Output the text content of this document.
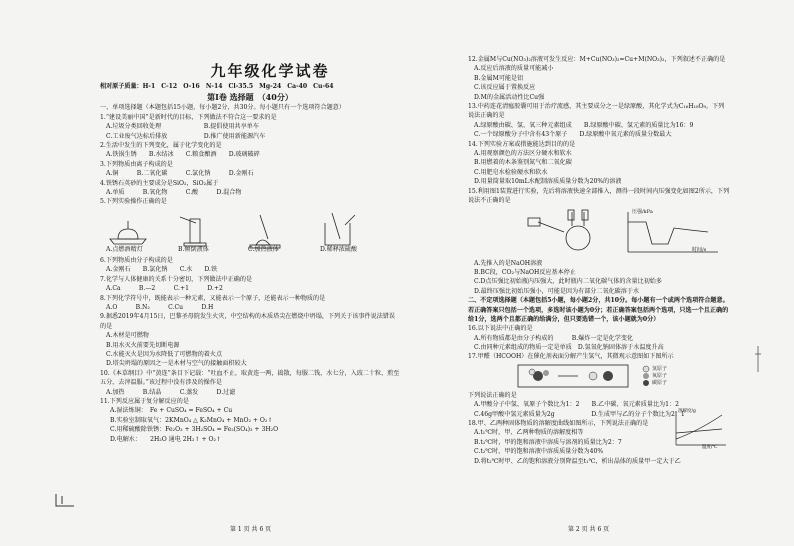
九年级化学试卷
相对原子质量：H-1　C-12　O-16　N-14　Cl-35.5　Mg-24　Ca-40　Cu-64
第Ⅰ卷 选择题　（40分）
一、单项选择题（本题包括15小题，每小题2分，共30分。每小题只有一个选项符合题意）
1.“建设美丽中国”是新时代的目标，下列做法不符合这一要求的是
A.垃圾分类回收处理　　　　　　　B.提倡使用共享单车
C.工业废气达标后排放　　　　　　D.推广使用新能源汽车
2.生活中发生的下列变化，属于化学变化的是
A.铁锅生锈　　B.水结冰　　C.粮食酿酒　　D.玻璃破碎
3.下列物质由离子构成的是
A.铜　　　B.二氧化碳　　　C.氯化钠　　　D.金刚石
4.铁锈石英砂的主要成分是SiO₂，SiO₂属于
A.单质　　　B.氧化物　　　C.酸　　　D.混合物
5.下列实验操作正确的是
A.点燃酒精灯	B.倾倒液体	C.加热液体	D.稀释浓硫酸
6.下列物质由分子构成的是
A.金刚石　　B.氯化钠　　C.水　　D.铁
7.化学与人体健康的关系十分密切，下列做法中正确的是
A.Ca　　　B.—2　　　C.+1　　　D.+2
8.下列化学符号中，既能表示一种元素，又能表示一个原子，还能表示一种物质的是
A.O　　　B.N₂　　　C.Cu　　　D.H
9.据悉2019年4月15日，巴黎圣母院发生火灾，中空结构的木质塔尖在燃烧中坍塌，下列关于该事件说法错误的是
A.木材是可燃物
B.用水灭火前要先切断电源
C.水能灭火是因为水降低了可燃物的着火点
D.塔尖坍塌的原因之一是木材与空气的接触面积较大
10.《本草纲目》中“黄连”条目下记载：“吐血不止，取黄连一两，捣散，每服二钱，水七分，入豉二十粒，煎至五分，去滓温服。”该过程中没有涉及的操作是
A.加热　　　B.结晶　　　C.蒸发　　　D.过滤
11.下列反应属于复分解反应的是
A.湿法炼铜：　Fe + CuSO₄ = FeSO₄ + Cu
B.实验室制取氧气：2KMnO₄ △ K₂MnO₄ + MnO₂ + O₂↑
C.用稀硫酸除铁锈：Fe₂O₃ + 3H₂SO₄ = Fe₂(SO₄)₃ + 3H₂O
D.电解水：　　2H₂O 通电 2H₂↑ + O₂↑
12.金属M与Cu(NO₃)₂溶液可发生反应：M+Cu(NO₃)₂=Cu+M(NO₃)₂，下列叙述不正确的是
A.反应后溶液的质量可能减小
B.金属M可能是铝
C.该反应属于置换反应
D.M的金属活动性比Cu强
13.中药连花清瘟胶囊可用于治疗流感，其主要成分之一是绿原酸，其化学式为C₁₆H₁₈O₉，下列说法正确的是
A.绿原酸由碳、氢、氧三种元素组成　　B.绿原酸中碳、氢元素的质量比为16：9
C.一个绿原酸分子中含有43个原子　　D.绿原酸中氧元素的质量分数最大
14.下列实验方案或措施能达到目的的是
A.用观察颜色的方法区分硬水和软水
B.用燃着的木条鉴别氮气和二氧化碳
C.用肥皂水检验硬水和软水
D.用量筒量取10mL水配制溶质质量分数为20%的溶液
15.利用图1装置进行实验，先后将溶液快速全部推入，测得一段时间内压强变化如图2所示，下列说法不正确的是
压强/kPa
时间/s
A.先推入的是NaOH溶液
B.BC段，CO₂与NaOH反应基本停止
C.D点压强比初始瓶内压强大，此时瓶内二氧化碳气体的含量比初始多
D.最终压强比初始压强小，可能是因为有部分二氧化碳溶于水
二、不定项选择题（本题包括5小题，每小题2分，共10分。每小题有一个或两个选项符合题意。若正确答案只包括一个选项，多选时该小题为0分；若正确答案包括两个选项，只选一个且正确的给1分，选两个且都正确的给满分，但只要选错一个，该小题就为0分）
16.以下说法中正确的是
A.所有物质都是由分子构成的　　　B.爆炸一定是化学变化
C.由同种元素组成的物质一定是单质　D.氢氧化钠固体溶于水温度升高
17.甲醛（HCOOH）在催化剂表面分解产生氢气，其微观示意图如下图所示
氢原子
氧原子
碳原子
下列说法正确的是
A.甲酸分子中氢、氧原子个数比为1：2　　B.乙中碳、氧元素质量比为1：2
C.46g甲酸中氢元素质量为2g　　　　　　D.生成甲与乙的分子个数比为2：1
18.甲、乙两种固体物质的溶解度曲线如图所示，下列说法正确的是
A.t₁℃时，甲、乙两种物质的溶解度相等
B.t₂℃时，甲的饱和溶液中溶质与溶剂的质量比为2：7
C.t₂℃时，甲的饱和溶液中溶质质量分数为40%
D.将t₂℃时甲、乙的饱和溶液分别降温至t₁℃，析出晶体的质量甲一定大于乙
溶解度/g
温度/℃
第 1 页 共 6 页	第 2 页 共 6 页
